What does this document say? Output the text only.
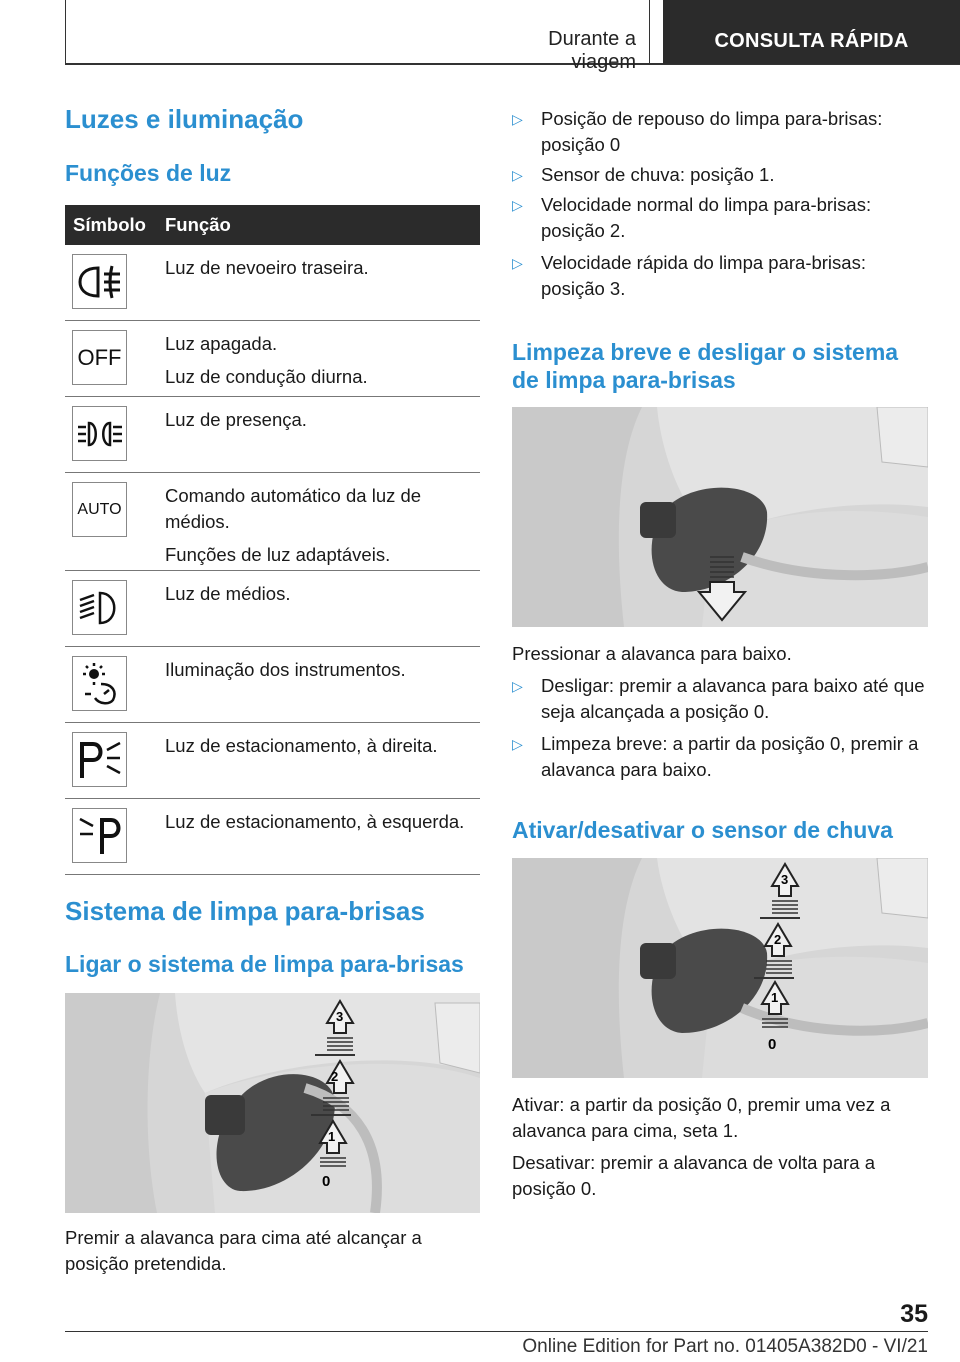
Durante a viagem
CONSULTA RÁPIDA
Luzes e iluminação
Funções de luz
Símbolo	Função

Luz de nevoeiro traseira.

OFF

Luz apagada.

Luz de condução diurna.

Luz de presença.

AUTO

Comando automático da luz de médios.

Funções de luz adaptáveis.

Luz de médios.

Iluminação dos instrumentos.

Luz de estacionamento, à direita.

Luz de estacionamento, à esquerda.

Sistema de limpa para-brisas
Ligar o sistema de limpa para-brisas
3
2
1
0

Premir a alavanca para cima até alcançar a posição pretendida.

▷ Posição de repouso do limpa para-brisas: posição 0
▷ Sensor de chuva: posição 1.
▷ Velocidade normal do limpa para-brisas: posição 2.
▷ Velocidade rápida do limpa para-brisas: posição 3.
Limpeza breve e desligar o sistema de limpa para-brisas

Pressionar a alavanca para baixo.

▷ Desligar: premir a alavanca para baixo até que seja alcançada a posição 0.
▷ Limpeza breve: a partir da posição 0, premir a alavanca para baixo.
Ativar/desativar o sensor de chuva
3
2
1
0

Ativar: a partir da posição 0, premir uma vez a alavanca para cima, seta 1.

Desativar: premir a alavanca de volta para a posição 0.

35
Online Edition for Part no. 01405A382D0 - VI/21
